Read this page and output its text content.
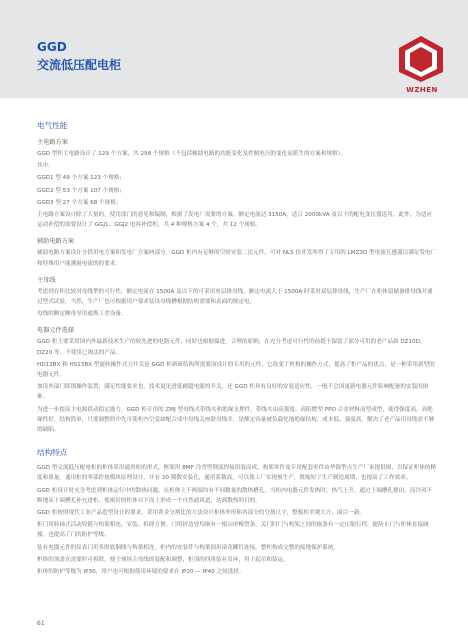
GGD
交流低压配电柜
WZHEN
电气性能
主电路方案

GGD 型柜主电路设计了 129 个方案，共 298 个规格（不包括辅助电路的功能变化及控制电压的变化而派生的方案和规格）。

其中：

GGD1 型 49 个方案 123 个规格；

GGD2 型 53 个方案 107 个规格；

GGD3 型 27 个方案 68 个规格；

主电路方案设计除了大量的，使用部门的意见和编制，根据了发电厂需要的方案。额定电流达 3150A，适合 2000kVA 及以下的配电变压器选用。此外，为适应运动补偿的需要设计了 GGJ1、GGJ2 电容补偿柜，共 4 种规格方案 4 个，共 12 个规格。

辅助电路方案

辅助电路方案设计分供用电方案和发电厂方案两部分，GGD 柜内有足够的空间安装二次元件，可对 NLS 仿并发所得了专用的 LMZ3D 型电流互感器以满足发电厂和特殊用户能测量电流的的要求。

主母线

考虑到在柜比较对母线型的可行性，额定电流在 1500A 及以下的可采用单层排母线，额定电流大于 1500A 时采用双层排母线，生产厂在柜体留储备排母线并通过型式试验，当然，生产厂也可根据用户要求装设母线槽根据结构需要和表面的规定电。

母线的额定额母导用通规工差设备。

电器元件选择

GGD 柜主要采用国内外最新技术生产的较先进的电器元件，同时也根据保进，合理的原则，在充分考虑可行性的前提下保留了部分可用的老产品如 DZ10D、DZ20 等，不使用已淘汰的产品。

HD13BX 和 HS13BX 型旋转操作式刀开关是 GGD 柜新研结构所需要而设计的专用的元件，它改变了机构的操作方式，提高了柜产品的优点，是一种采用新型的电器元件。

加设外部门联锁操作装置，满足性能要求也，技术更见进低耐超电能的开关，还 GGD 柜具有良好的安装适应性，一般不会因更新电器元件影响配备的安装的困难。

为进一步提高主电源供动稳定能力，GGD 柜专用的 ZMJ 型母线式带线夹和绝缘支撑件，带线夹由高强度、高阻燃型 PPO 合金材料而型成型，使得强度高、高绝缘性好、结构简单，只要调整的中先可使柜内空变如配合成中母线关座联母线并，是额定容量被负载化地绝缘结构，成本低，强度高，解决了老产品用母线需不够的缺陷。

结构特点

GGD 型交流低压配电柜的柜体采用通用柜的形式，框架用 8MF 冷弯型钢部焊接组装而成，构架零件及专用配套零件由华源型点生产厂家提供图，以保证柜体的精度和质量。通用柜的零部件按模块原理设计，并有 20 模数安装孔，通用系数高，可以使工厂实现预生产，既缩短了生产制造周期，也提高了工作效率。

GGD 柜设计时充分考虑到柜体运行中的散热问题，在柜体上下两端均有不同数量的散热槽孔，当柜内电器元件发热时，热气上升，通过上端槽孔排出，而冷风不断地从下端槽孔补充进柜，使密封的柜体自下而上形成一个自然通风道，达到散热的目的。

GGD 柜按照现代工业产品造型设计的要求，采用黄金分割比的方法设计柜体外形和各部分的分割尺寸，整板柜美观大方，面目一新。

柜门用转轴式活动铰链与构架相连，安装、拆卸方便。门的折边处均嵌有一根山形橡塑条，关门时门与构架之间的嵌条有一定压缩行程，能防止门与柜体直接碰撞，也提高了门的防护等级。

装有电器元件的仪表门用多股软铜线与构架相连，柜内的安装件与构架间用滚花螺钉连接，整柜构成完整的接地保护系统。

柜体的顶盖在需要时可拆除，便于现场主母线的装配和调整，柜顶的四角装有吊环，用于起吊和装运。

柜体的防护等级为 IP30，用户也可根据使用环境的要求在 IP20 — IP40 之间选择。

61
